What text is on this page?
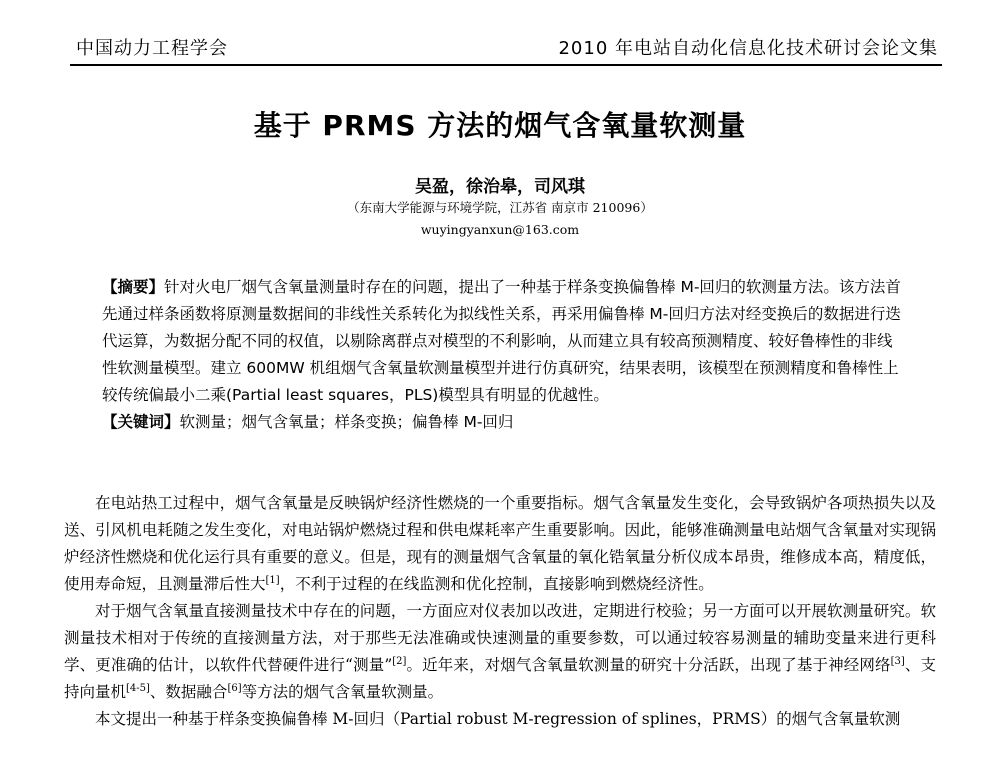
中国动力工程学会	2010 年电站自动化信息化技术研讨会论文集
基于 PRMS 方法的烟气含氧量软测量
吴盈，徐治皋，司风琪
（东南大学能源与环境学院，江苏省 南京市 210096）
wuyingyanxun@163.com

【摘要】针对火电厂烟气含氧量测量时存在的问题，提出了一种基于样条变换偏鲁棒 M-回归的软测量方法。该方法首先通过样条函数将原测量数据间的非线性关系转化为拟线性关系，再采用偏鲁棒 M-回归方法对经变换后的数据进行迭代运算，为数据分配不同的权值，以剔除离群点对模型的不利影响，从而建立具有较高预测精度、较好鲁棒性的非线性软测量模型。建立 600MW 机组烟气含氧量软测量模型并进行仿真研究，结果表明，该模型在预测精度和鲁棒性上较传统偏最小二乘(Partial least squares，PLS)模型具有明显的优越性。

【关键词】软测量；烟气含氧量；样条变换；偏鲁棒 M-回归

在电站热工过程中，烟气含氧量是反映锅炉经济性燃烧的一个重要指标。烟气含氧量发生变化，会导致锅炉各项热损失以及送、引风机电耗随之发生变化，对电站锅炉燃烧过程和供电煤耗率产生重要影响。因此，能够准确测量电站烟气含氧量对实现锅炉经济性燃烧和优化运行具有重要的意义。但是，现有的测量烟气含氧量的氧化锆氧量分析仪成本昂贵，维修成本高，精度低，使用寿命短，且测量滞后性大[1]，不利于过程的在线监测和优化控制，直接影响到燃烧经济性。

对于烟气含氧量直接测量技术中存在的问题，一方面应对仪表加以改进，定期进行校验；另一方面可以开展软测量研究。软测量技术相对于传统的直接测量方法，对于那些无法准确或快速测量的重要参数，可以通过较容易测量的辅助变量来进行更科学、更准确的估计，以软件代替硬件进行“测量”[2]。近年来，对烟气含氧量软测量的研究十分活跃，出现了基于神经网络[3]、支持向量机[4-5]、数据融合[6]等方法的烟气含氧量软测量。

本文提出一种基于样条变换偏鲁棒 M-回归（Partial robust M-regression of splines，PRMS）的烟气含氧量软测
